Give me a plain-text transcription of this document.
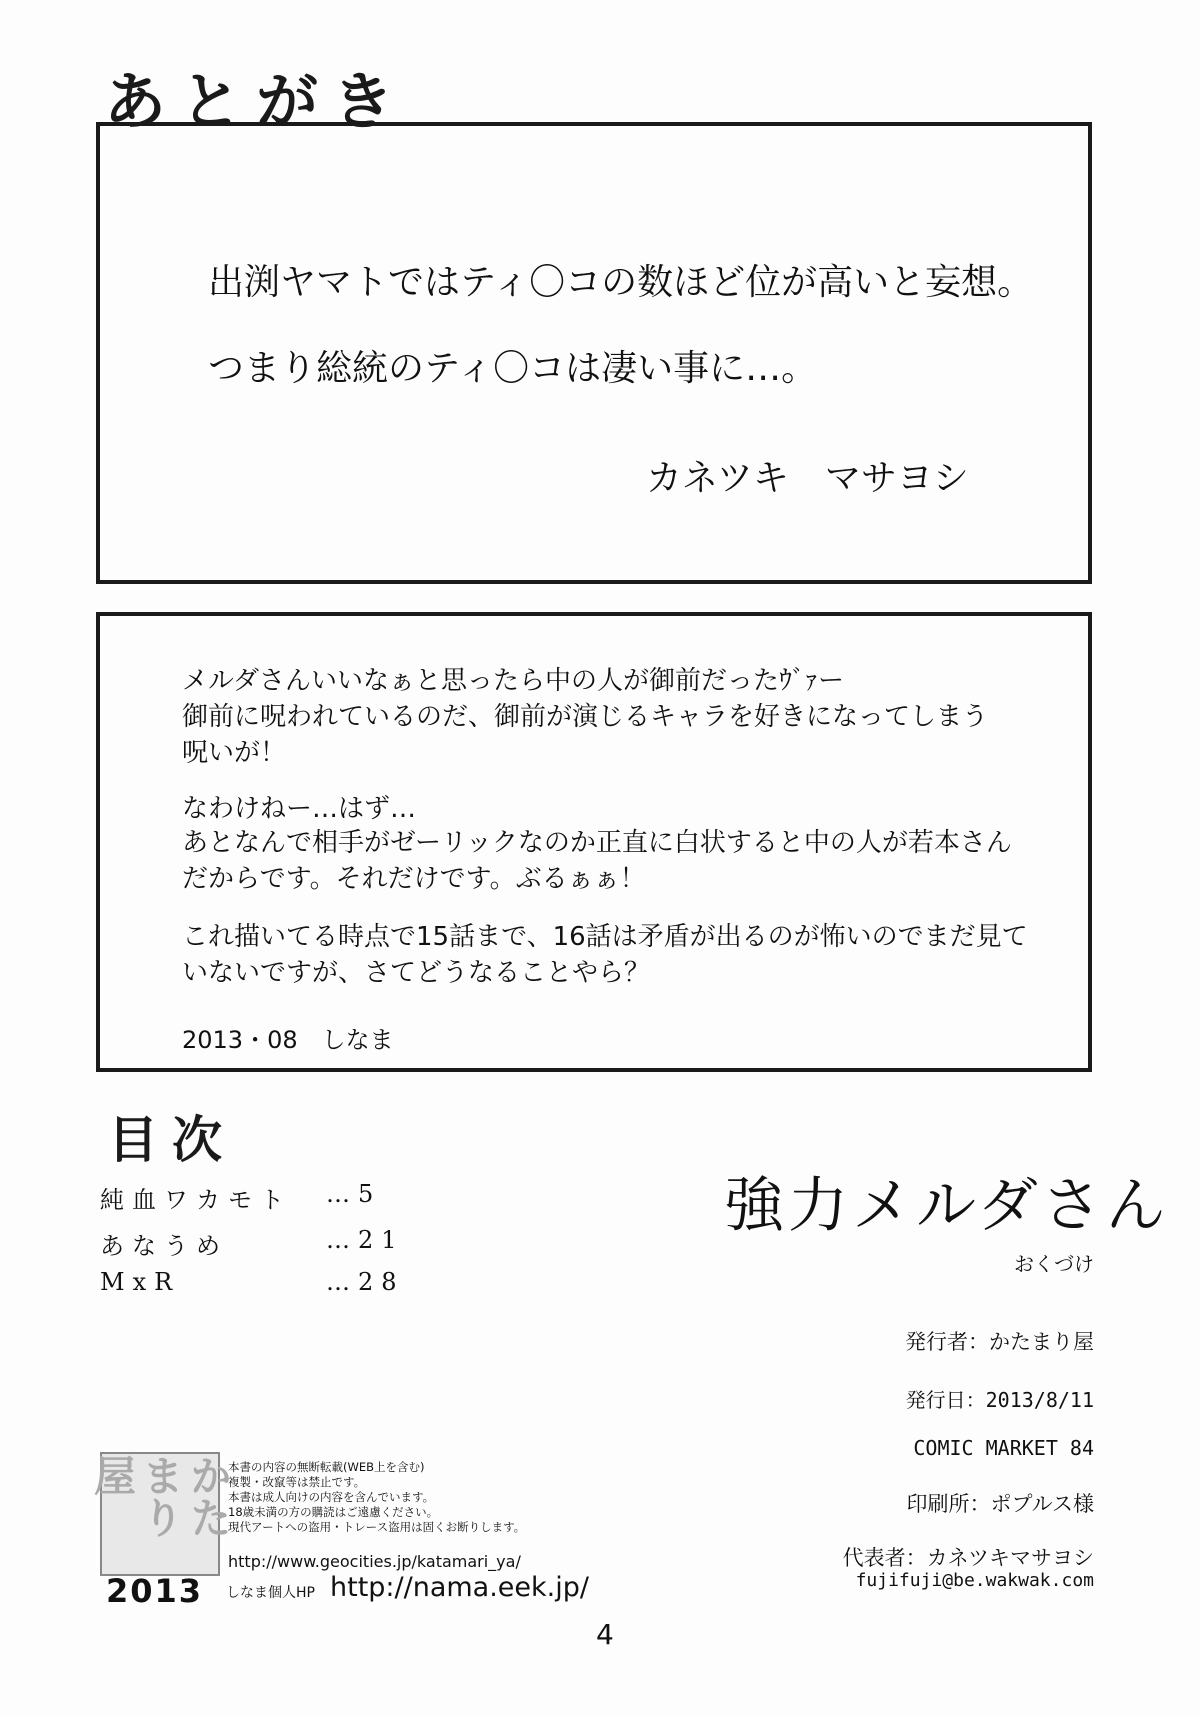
あとがき
出渕ヤマトではティ〇コの数ほど位が高いと妄想。
つまり総統のティ〇コは凄い事に…。
カネツキ　マサヨシ
メルダさんいいなぁと思ったら中の人が御前だったｳﾞｧー
御前に呪われているのだ、御前が演じるキャラを好きになってしまう
呪いが！
なわけねー…はず…
あとなんで相手がゼーリックなのか正直に白状すると中の人が若本さん
だからです。それだけです。ぶるぁぁ！
これ描いてる時点で15話まで、16話は矛盾が出るのが怖いのでまだ見て
いないですが、さてどうなることやら？
2013・08　しなま
目次
純血ワカモト …5
あなうめ	…21
MxR	…28
強力メルダさん
おくづけ
発行者：かたまり屋
発行日：2013/8/11
COMIC MARKET 84
印刷所：ポプルス様
代表者：カネツキマサヨシ
fujifuji@be.wakwak.com
かたまり屋
2013
本書の内容の無断転載(WEB上を含む)
複製・改竄等は禁止です。
本書は成人向けの内容を含んでいます。
18歳未満の方の購読はご遠慮ください。
現代アートへの盗用・トレース盗用は固くお断りします。
http://www.geocities.jp/katamari_ya/
しなま個人HP http://nama.eek.jp/
4
